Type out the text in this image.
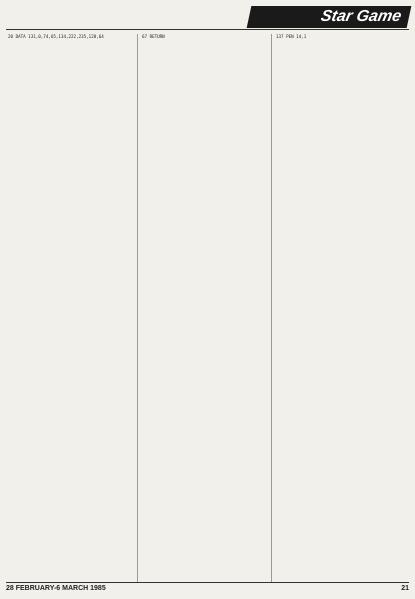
Star Game
20 DATA 131,0,74,65,134,222,235,128,64	67 RETURN	137 PEN 14,1
28 FEBRUARY-6 MARCH 1985	21
